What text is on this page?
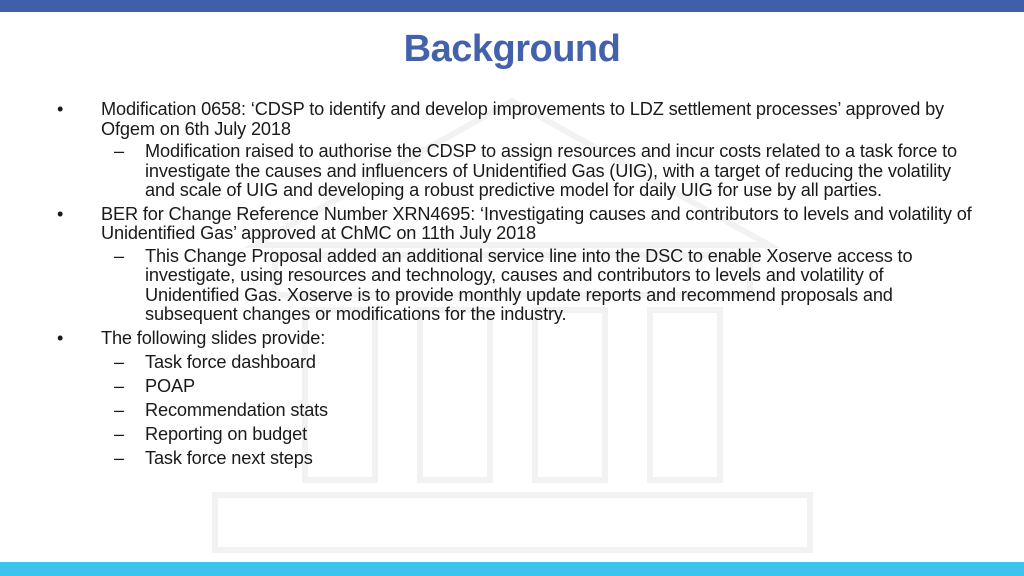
Background
•	Modification 0658: ‘CDSP to identify and develop improvements to LDZ settlement processes’ approved by Ofgem on 6th July 2018
–	Modification raised to authorise the CDSP to assign resources and incur costs related to a task force to investigate the causes and influencers of Unidentified Gas (UIG), with a target of reducing the volatility and scale of UIG and developing a robust predictive model for daily UIG for use by all parties.
•	BER for Change Reference Number XRN4695: ‘Investigating causes and contributors to levels and volatility of Unidentified Gas’ approved at ChMC on 11th July 2018
–	This Change Proposal added an additional service line into the DSC to enable Xoserve access to investigate, using resources and technology, causes and contributors to levels and volatility of Unidentified Gas. Xoserve is to provide monthly update reports and recommend proposals and subsequent changes or modifications for the industry.
•	The following slides provide:
–	Task force dashboard
–	POAP
–	Recommendation stats
–	Reporting on budget
–	Task force next steps
